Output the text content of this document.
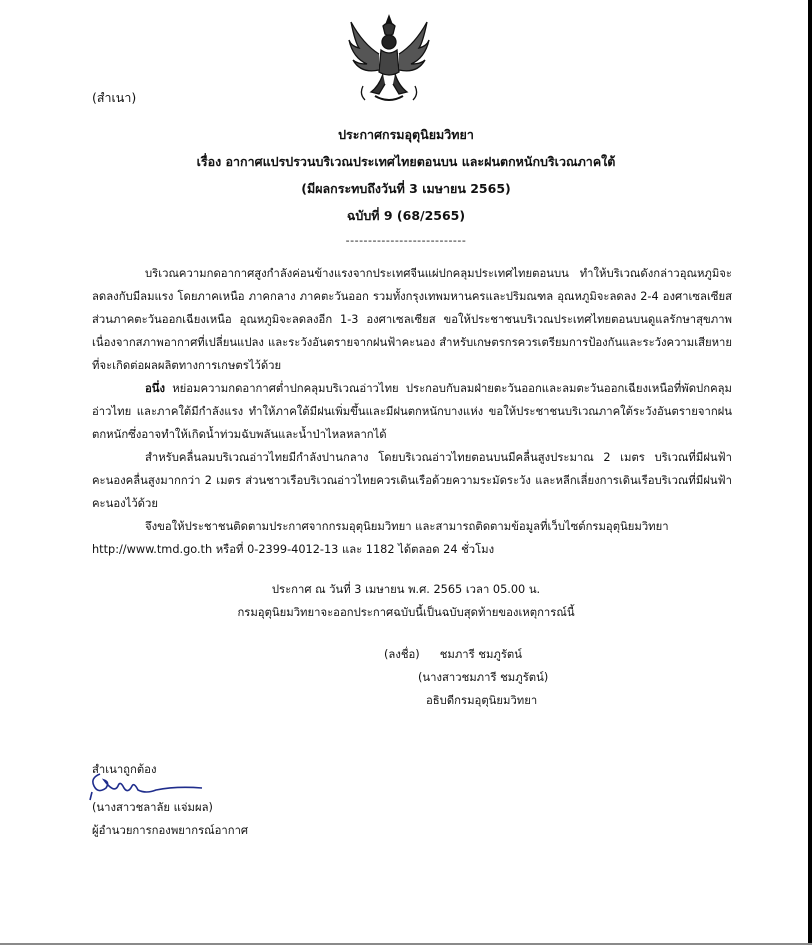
(สำเนา)
ประกาศกรมอุตุนิยมวิทยา
เรื่อง อากาศแปรปรวนบริเวณประเทศไทยตอนบน และฝนตกหนักบริเวณภาคใต้
(มีผลกระทบถึงวันที่ 3 เมษายน 2565)
ฉบับที่ 9 (68/2565)
---------------------------

บริเวณความกดอากาศสูงกำลังค่อนข้างแรงจากประเทศจีนแผ่ปกคลุมประเทศไทยตอนบน ทำให้บริเวณดังกล่าวอุณหภูมิจะลดลงกับมีลมแรง โดยภาคเหนือ ภาคกลาง ภาคตะวันออก รวมทั้งกรุงเทพมหานครและปริมณฑล อุณหภูมิจะลดลง 2-4 องศาเซลเซียส ส่วนภาคตะวันออกเฉียงเหนือ อุณหภูมิจะลดลงอีก 1-3 องศาเซลเซียส ขอให้ประชาชนบริเวณประเทศไทยตอนบนดูแลรักษาสุขภาพเนื่องจากสภาพอากาศที่เปลี่ยนแปลง และระวังอันตรายจากฝนฟ้าคะนอง สำหรับเกษตรกรควรเตรียมการป้องกันและระวังความเสียหายที่จะเกิดต่อผลผลิตทางการเกษตรไว้ด้วย

อนึ่ง หย่อมความกดอากาศต่ำปกคลุมบริเวณอ่าวไทย ประกอบกับลมฝ่ายตะวันออกและลมตะวันออกเฉียงเหนือที่พัดปกคลุมอ่าวไทย และภาคใต้มีกำลังแรง ทำให้ภาคใต้มีฝนเพิ่มขึ้นและมีฝนตกหนักบางแห่ง ขอให้ประชาชนบริเวณภาคใต้ระวังอันตรายจากฝนตกหนักซึ่งอาจทำให้เกิดน้ำท่วมฉับพลันและน้ำป่าไหลหลากได้

สำหรับคลื่นลมบริเวณอ่าวไทยมีกำลังปานกลาง โดยบริเวณอ่าวไทยตอนบนมีคลื่นสูงประมาณ 2 เมตร บริเวณที่มีฝนฟ้าคะนองคลื่นสูงมากกว่า 2 เมตร ส่วนชาวเรือบริเวณอ่าวไทยควรเดินเรือด้วยความระมัดระวัง และหลีกเลี่ยงการเดินเรือบริเวณที่มีฝนฟ้าคะนองไว้ด้วย

จึงขอให้ประชาชนติดตามประกาศจากกรมอุตุนิยมวิทยา และสามารถติดตามข้อมูลที่เว็บไซต์กรมอุตุนิยมวิทยา

http://www.tmd.go.th หรือที่ 0-2399-4012-13 และ 1182 ได้ตลอด 24 ชั่วโมง

ประกาศ ณ วันที่ 3 เมษายน พ.ศ. 2565 เวลา 05.00 น.
กรมอุตุนิยมวิทยาจะออกประกาศฉบับนี้เป็นฉบับสุดท้ายของเหตุการณ์นี้
(ลงชื่อ) ชมภารี ชมภูรัตน์
(นางสาวชมภารี ชมภูรัตน์)
อธิบดีกรมอุตุนิยมวิทยา
สำเนาถูกต้อง
(นางสาวชลาลัย แจ่มผล)
ผู้อำนวยการกองพยากรณ์อากาศ
